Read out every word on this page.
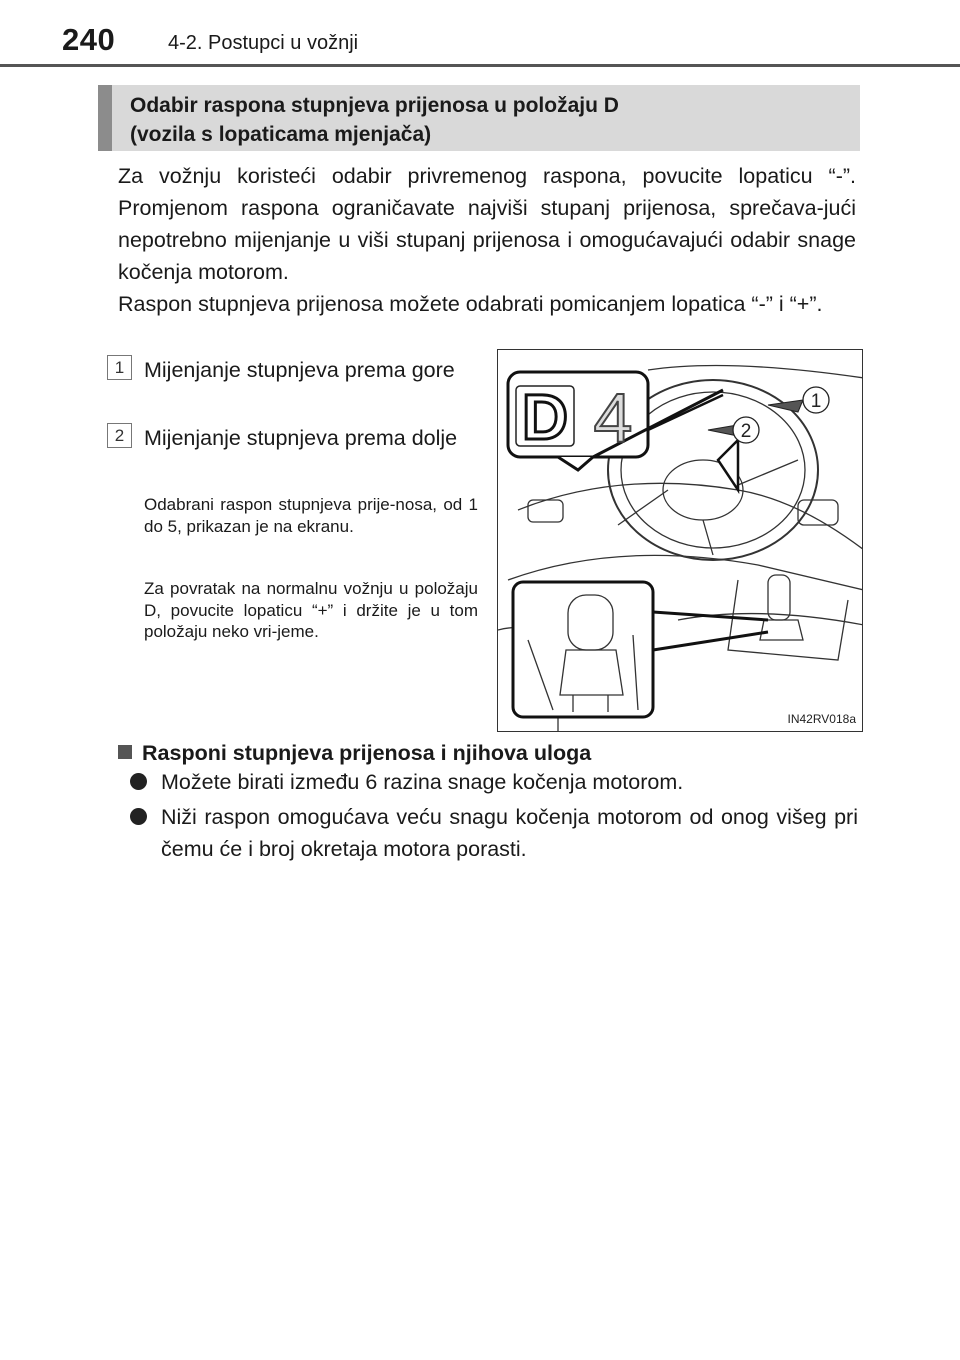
240	4-2. Postupci u vožnji
Odabir raspona stupnjeva prijenosa u položaju D
(vozila s lopaticama mjenjača)

Za vožnju koristeći odabir privremenog raspona, povucite lopaticu “-”. Promjenom raspona ograničavate najviši stupanj prijenosa, sprečava-jući nepotrebno mijenjanje u viši stupanj prijenosa i omogućavajući odabir snage kočenja motorom.

Raspon stupnjeva prijenosa možete odabrati pomicanjem lopatica “-” i “+”.

1 Mijenjanje stupnjeva prema gore
2 Mijenjanje stupnjeva prema dolje
Odabrani raspon stupnjeva prije-nosa, od 1 do 5, prikazan je na ekranu.
Za povratak na normalnu vožnju u položaju D, povucite lopaticu “+” i držite je u tom položaju neko vri-jeme.
D 4	1
2
IN42RV018a
Rasponi stupnjeva prijenosa i njihova uloga
Možete birati između 6 razina snage kočenja motorom.
Niži raspon omogućava veću snagu kočenja motorom od onog višeg pri čemu će i broj okretaja motora porasti.
